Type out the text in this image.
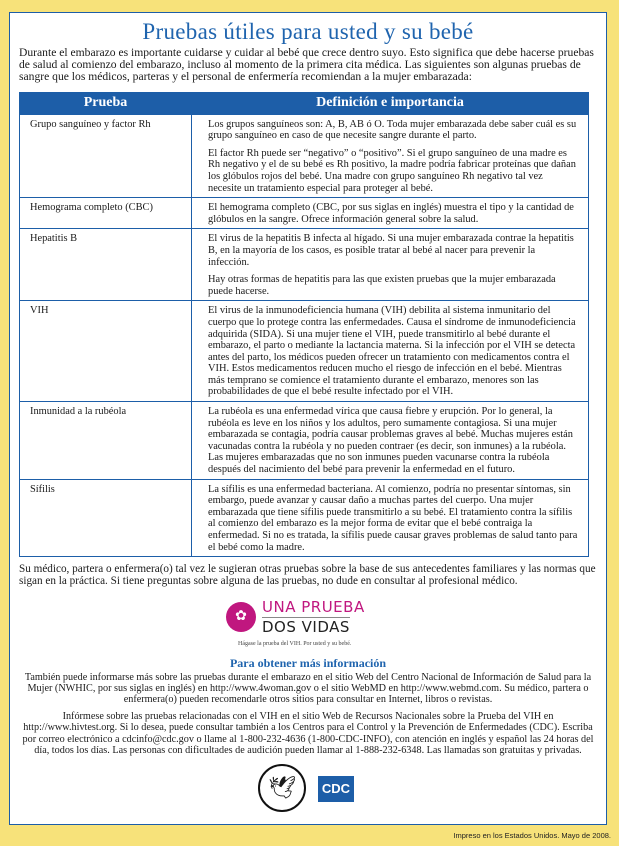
Pruebas útiles para usted y su bebé

Durante el embarazo es importante cuidarse y cuidar al bebé que crece dentro suyo. Esto significa que debe hacerse pruebas de salud al comienzo del embarazo, incluso al momento de la primera cita médica. Las siguientes son algunas pruebas de sangre que los médicos, parteras y el personal de enfermería recomiendan a la mujer embarazada:

Prueba	Definición e importancia
Grupo sanguíneo y factor Rh	Los grupos sanguíneos son: A, B, AB ó O. Toda mujer embarazada debe saber cuál es su grupo sanguíneo en caso de que necesite sangre durante el parto.

El factor Rh puede ser “negativo” o “positivo”. Si el grupo sanguíneo de una madre es Rh negativo y el de su bebé es Rh positivo, la madre podría fabricar proteínas que dañan los glóbulos rojos del bebé. Una madre con grupo sanguíneo Rh negativo tal vez necesite un tratamiento especial para proteger al bebé.

Hemograma completo (CBC)	El hemograma completo (CBC, por sus siglas en inglés) muestra el tipo y la cantidad de glóbulos en la sangre. Ofrece información general sobre la salud.

Hepatitis B	El virus de la hepatitis B infecta al hígado. Si una mujer embarazada contrae la hepatitis B, en la mayoría de los casos, es posible tratar al bebé al nacer para prevenir la infección.

Hay otras formas de hepatitis para las que existen pruebas que la mujer embarazada puede hacerse.

VIH	El virus de la inmunodeficiencia humana (VIH) debilita al sistema inmunitario del cuerpo que lo protege contra las enfermedades. Causa el síndrome de inmunodeficiencia adquirida (SIDA). Si una mujer tiene el VIH, puede transmitirlo al bebé durante el embarazo, el parto o mediante la lactancia materna. Si la infección por el VIH se detecta antes del parto, los médicos pueden ofrecer un tratamiento con medicamentos contra el VIH. Estos medicamentos reducen mucho el riesgo de infección en el bebé. Mientras más temprano se comience el tratamiento durante el embarazo, menores son las probabilidades de que el bebé resulte infectado por el VIH.

Inmunidad a la rubéola	La rubéola es una enfermedad vírica que causa fiebre y erupción. Por lo general, la rubéola es leve en los niños y los adultos, pero sumamente contagiosa. Si una mujer embarazada se contagia, podría causar problemas graves al bebé. Muchas mujeres están vacunadas contra la rubéola y no pueden contraer (es decir, son inmunes) a la rubéola. Las mujeres embarazadas que no son inmunes pueden vacunarse contra la rubéola después del nacimiento del bebé para prevenir la enfermedad en el futuro.

Sífilis	La sífilis es una enfermedad bacteriana. Al comienzo, podría no presentar síntomas, sin embargo, puede avanzar y causar daño a muchas partes del cuerpo. Una mujer embarazada que tiene sífilis puede transmitirlo a su bebé. El tratamiento contra la sífilis al comienzo del embarazo es la mejor forma de evitar que el bebé contraiga la enfermedad. Si no es tratada, la sífilis puede causar graves problemas de salud tanto para el bebé como la madre.

Su médico, partera o enfermera(o) tal vez le sugieran otras pruebas sobre la base de sus antecedentes familiares y las normas que sigan en la práctica. Si tiene preguntas sobre alguna de las pruebas, no dude en consultar al profesional médico.

✿
UNA PRUEBA
DOS VIDAS
Hágase la prueba del VIH. Por usted y su bebé.
Para obtener más información

También puede informarse más sobre las pruebas durante el embarazo en el sitio Web del Centro Nacional de Información de Salud para la Mujer (NWHIC, por sus siglas en inglés) en http://www.4woman.gov o el sitio WebMD en http://www.webmd.com. Su médico, partera o enfermera(o) pueden recomendarle otros sitios para consultar en Internet, libros o revistas.

Infórmese sobre las pruebas relacionadas con el VIH en el sitio Web de Recursos Nacionales sobre la Prueba del VIH en http://www.hivtest.org. Si lo desea, puede consultar también a los Centros para el Control y la Prevención de Enfermedades (CDC). Escriba por correo electrónico a cdcinfo@cdc.gov o llame al 1-800-232-4636 (1-800-CDC-INFO), con atención en inglés y español las 24 horas del día, todos los días. Las personas con dificultades de audición pueden llamar al 1-888-232-6348. Las llamadas son gratuitas y privadas.

🕊	CDC
Impreso en los Estados Unidos. Mayo de 2008.
